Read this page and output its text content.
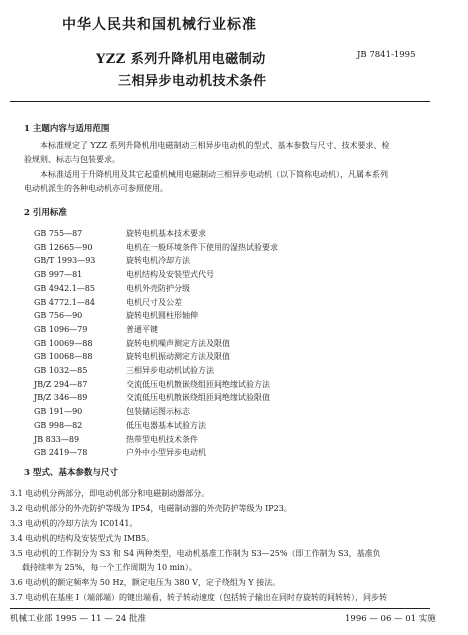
中华人民共和国机械行业标准
JB 7841-1995
YZZ 系列升降机用电磁制动
三相异步电动机技术条件
1 主题内容与适用范围
本标准规定了 YZZ 系列升降机用电磁制动三相异步电动机的型式、基本参数与尺寸、技术要求、检
验规则、标志与包装要求。
本标准适用于升降机用及其它起重机械用电磁制动三相异步电动机（以下简称电动机），凡属本系列
电动机派生的各种电动机亦可参照使用。
2 引用标准
GB 755—87	旋转电机基本技术要求
GB 12665—90	电机在一般环境条件下使用的湿热试验要求
GB/T 1993—93	旋转电机冷却方法
GB 997—81	电机结构及安装型式代号
GB 4942.1—85	电机外壳防护分级
GB 4772.1—84	电机尺寸及公差
GB 756—90	旋转电机圆柱形轴伸
GB 1096—79	普通平键
GB 10069—88	旋转电机噪声测定方法及限值
GB 10068—88	旋转电机振动测定方法及限值
GB 1032—85	三相异步电动机试验方法
JB/Z 294—87	交流低压电机散嵌绕组匝间绝缘试验方法
JB/Z 346—89	交流低压电机散嵌绕组匝间绝缘试验限值
GB 191—90	包装储运图示标志
GB 998—82	低压电器基本试验方法
JB 833—89	热带型电机技术条件
GB 2419—78	户外中小型异步电动机
3 型式、基本参数与尺寸
3.1 电动机分两部分，即电动机部分和电磁制动器部分。
3.2 电动机部分的外壳防护等级为 IP54，电磁制动器的外壳防护等级为 IP23。
3.3 电动机的冷却方法为 IC0141。
3.4 电动机的结构及安装型式为 IMB5。
3.5 电动机的工作制分为 S3 和 S4 两种类型，电动机基准工作制为 S3—25%（即工作制为 S3，基准负
载持续率为 25%，每一个工作周期为 10 min）。
3.6 电动机的额定频率为 50 Hz，额定电压为 380 V，定子绕组为 Y 接法。
3.7 电动机在基座 I（端部端）的键出端看，转子转动速度（包括转子输出在同时存旋转的间转转），同步转
机械工业部 1995 — 11 — 24 批准	1996 — 06 — 01 实施
